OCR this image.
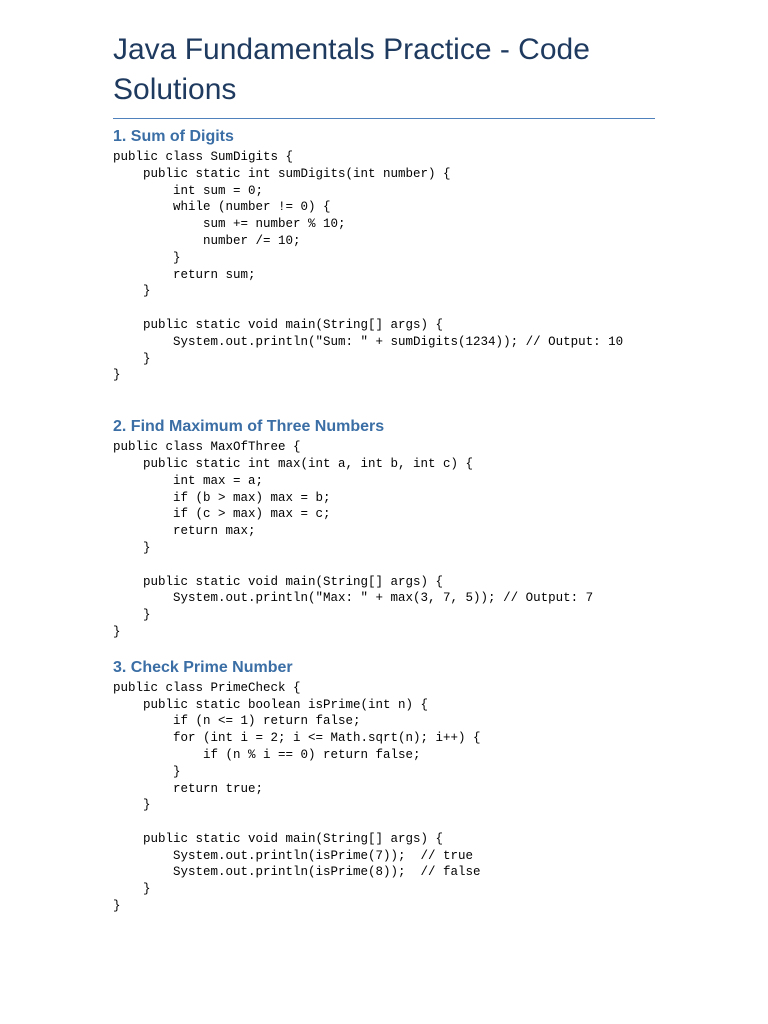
Java Fundamentals Practice - Code Solutions
1. Sum of Digits
public class SumDigits {
public static int sumDigits(int number) {
int sum = 0;
while (number != 0) {
sum += number % 10;
number /= 10;
}
return sum;
}

public static void main(String[] args) {
System.out.println("Sum: " + sumDigits(1234)); // Output: 10
}
}
2. Find Maximum of Three Numbers
public class MaxOfThree {
public static int max(int a, int b, int c) {
int max = a;
if (b > max) max = b;
if (c > max) max = c;
return max;
}

public static void main(String[] args) {
System.out.println("Max: " + max(3, 7, 5)); // Output: 7
}
}
3. Check Prime Number
public class PrimeCheck {
public static boolean isPrime(int n) {
if (n <= 1) return false;
for (int i = 2; i <= Math.sqrt(n); i++) {
if (n % i == 0) return false;
}
return true;
}

public static void main(String[] args) {
System.out.println(isPrime(7));  // true
System.out.println(isPrime(8));  // false
}
}
